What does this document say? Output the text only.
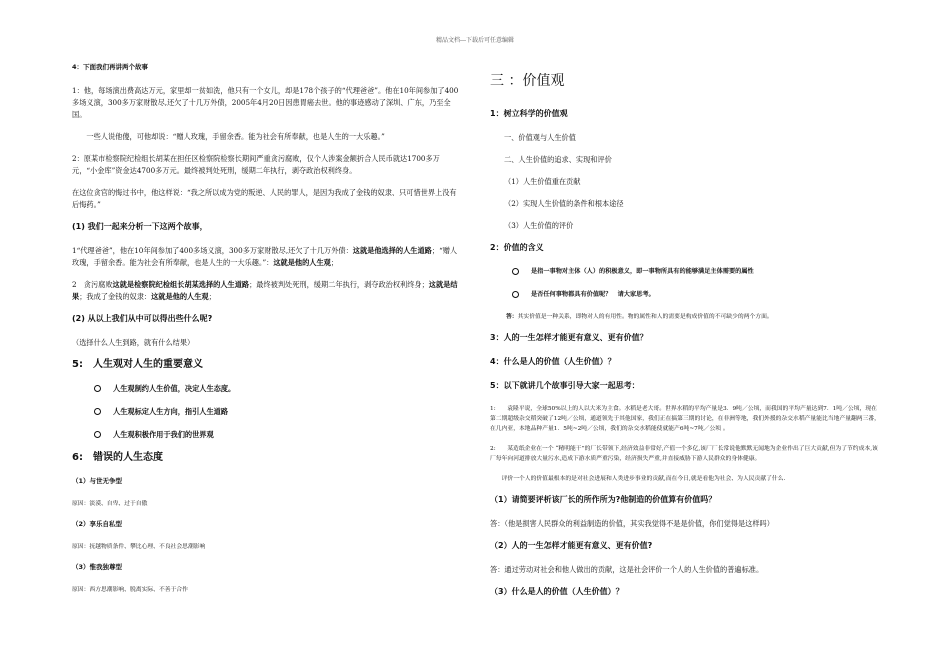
精品文档---下载后可任意编辑
4：下面我们再讲两个故事
1：他，每场演出费高达万元，家里却一贫如洗，他只有一个女儿，却是178个孩子的“代理爸爸”。他在10年间参加了400多场义演，300多万家财散尽,还欠了十几万外债，2005年4月20日因患胃癌去世。他的事迹感动了深圳、广东，乃至全国。
一些人说他傻，可他却说：“赠人玫瑰，手留余香。能为社会有所奉献，也是人生的一大乐趣。”
2：原某市检察院纪检组长胡某在担任区检察院检察长期间严重贪污腐败，仅个人涉案金额折合人民币就达1700多万元，“小金库”资金达4700多万元。最终被判处死刑，缓期二年执行，剥夺政治权利终身。
在这位贪官的悔过书中，他这样说：“我之所以成为党的叛逆、人民的罪人，是因为我成了金钱的奴隶、只可惜世界上没有后悔药。”
(1) 我们一起来分析一下这两个故事，
1“代理爸爸”，他在10年间参加了400多场义演，300多万家财散尽,还欠了十几万外债：这就是他选择的人生道路；“赠人玫瑰，手留余香。能为社会有所奉献，也是人生的一大乐趣。”：这就是他的人生观；
2　贪污腐败这就是检察院纪检组长胡某选择的人生道路；最终被判处死刑，缓期二年执行，剥夺政治权利终身；这就是结果；我成了金钱的奴隶：这就是他的人生观；
(2) 从以上我们从中可以得出些什么呢?
（选择什么人生到路，就有什么结果）
5:　人生观对人生的重要意义
人生观制约人生价值，决定人生态度。
人生观标定人生方向，指引人生道路
人生观积极作用于我们的世界观
6:　错误的人生态度
（1）与世无争型
原因：淡漠、自卑、过于自傲
（2）享乐自私型
原因：抚越物质条件、攀比心理、不良社会思潮影响
（3）惟我独尊型
原因：西方思潮影响、脱离实际、不善于合作
三 ：价值观
1：树立科学的价值观
一、价值观与人生价值
二、人生价值的追求、实现和评价
（1）人生价值重在贡献
（2）实现人生价值的条件和根本途径
（3）人生价值的评价
2：价值的含义
是指一事物对主体（人）的积极意义，即一事物所具有的能够满足主体需要的属性
是否任何事物都具有价值呢？　请大家思考。
答：其实价值是一种关系，即物对人的有用性。物的属性和人的需要是构成价值的不可缺少的两个方面。
3：人的一生怎样才能更有意义、更有价值？
4：什么是人的价值（人生价值）？
5：以下就讲几个故事引导大家一起思考：
1:　　袁隆平说，全球50%以上的人以大米为主食。水稻是老大哥。世界水稻的平均产量是3．9吨／公顷，而我国的平均产量达到7．1吨／公顷，现在第二期超级杂交稻突破了12吨／公顷，通道领先于其他国家，我们正在搞第三期的讨论，在非洲等地，我们外援的杂交水稻产量能比当地产量翻两三番，在几内亚，本地品种产量1．5吨~2吨／公顷，我们的杂交水稻能使就能产6吨~7吨／公顷 。
2:　　某造纸企业在一个 “精明能干”的厂长带领下,经济效益非常好,产值一个多亿,该厂厂长常说他默默无闻地为企业作出了巨大贡献,但为了节约成本,该厂每年向河道排放大量污水,造成下游水质严重污染，经济损失严重,并直接威胁下游人民群众的身体健康。
评价一个人的价值最根本的是对社会进展和人类进步事业的贡献,而在今日,就是看他为社会、为人民贡献了什么.
（1）请简要评析该厂长的所作所为?他制造的价值算有价值吗？
答：（他是损害人民群众的利益制造的价值，其实我觉得不是是价值，你们觉得是这样吗）
（2）人的一生怎样才能更有意义、更有价值?
答：通过劳动对社会和他人做出的贡献，这是社会评价一个人的人生价值的普遍标准。
（3）什么是人的价值（人生价值）？
